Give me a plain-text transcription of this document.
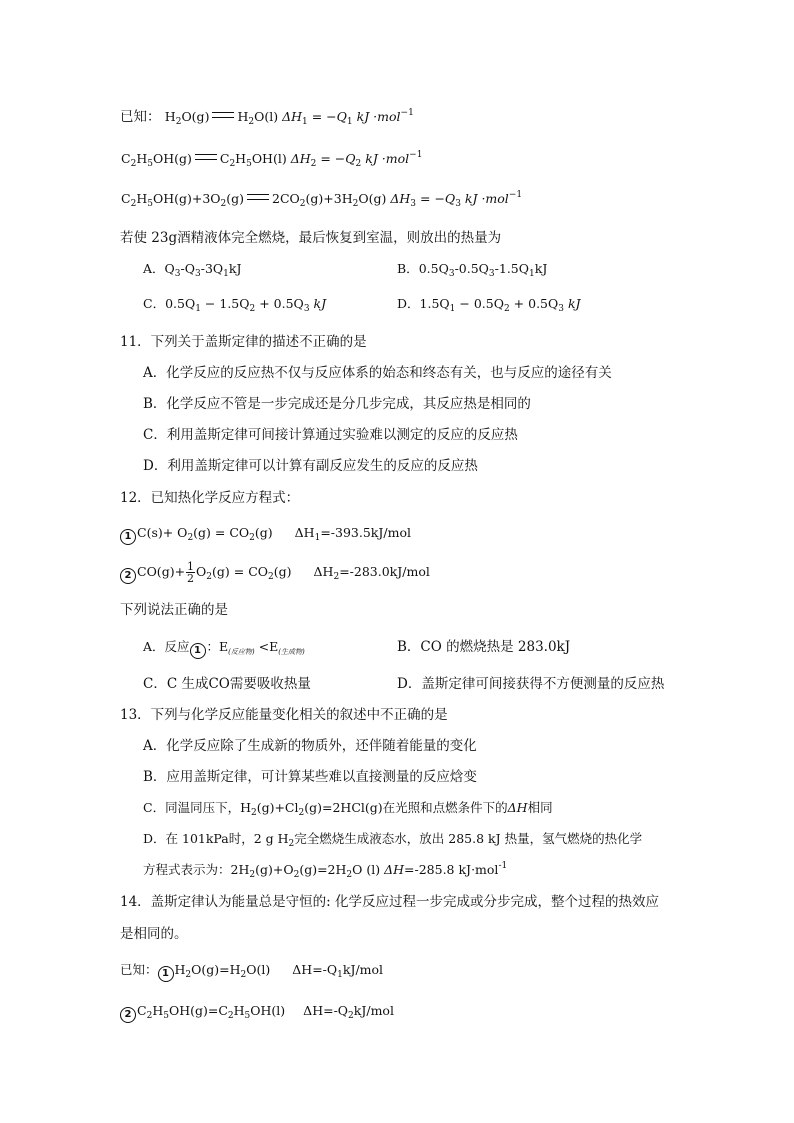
已知： $H_2O(g)$ $H_2O(l) \Delta H_1 = -Q_1$ kJ ·mol$^{-1}$
$C_2H_5OH(g)$ $C_2H_5OH(l) \Delta H_2 = -Q_2$ kJ ·mol$^{-1}$
$C_2H_5OH(g)+3O_2(g)$ $2CO_2(g)+3H_2O(g) \Delta H_3 = -Q_3$ kJ ·mol$^{-1}$
若使 23g酒精液体完全燃烧，最后恢复到室温，则放出的热量为
A．$Q_3-Q_3-3Q_1kJ$	B．$0.5Q_3-0.5Q_3-1.5Q_1kJ$
C．$0.5Q_1 - 1.5Q_2 + 0.5Q_3$ kJ	D．$1.5Q_1 - 0.5Q_2 + 0.5Q_3$ kJ
11．下列关于盖斯定律的描述不正确的是
A．化学反应的反应热不仅与反应体系的始态和终态有关，也与反应的途径有关
B．化学反应不管是一步完成还是分几步完成，其反应热是相同的
C．利用盖斯定律可间接计算通过实验难以测定的反应的反应热
D．利用盖斯定律可以计算有副反应发生的反应的反应热
12．已知热化学反应方程式：
1 $C(s)+ O_2(g) = CO_2(g)$ $\Delta H_1=-393.5kJ$/mol
2 $CO(g)+ \frac{1}{2} O_2(g) = CO_2(g)$ $\Delta H_2=-283.0kJ$/mol
下列说法正确的是
A．反应 1 ：$E_{(反应物)} <E_{(生成物)}$	B．CO 的燃烧热是 283.0kJ
C．C 生成CO需要吸收热量	D．盖斯定律可间接获得不方便测量的反应热
13．下列与化学反应能量变化相关的叙述中不正确的是
A．化学反应除了生成新的物质外，还伴随着能量的变化
B．应用盖斯定律，可计算某些难以直接测量的反应焓变
C．同温同压下，$H_2(g)+Cl_2(g)=2HCl(g)$在光照和点燃条件下的ΔH相同
D．在 101kPa时，2 g $H_2$完全燃烧生成液态水，放出 285.8 kJ 热量，氢气燃烧的热化学
方程式表示为：$2H_2(g)+O_2(g)=2H_2O$ (l) ΔH=-285.8 kJ·mol$^{-1}$
14．盖斯定律认为能量总是守恒的: 化学反应过程一步完成或分步完成，整个过程的热效应
是相同的。
已知： 1 $H_2O(g)=H_2O(l)$ $\Delta H=-Q_1kJ$/mol
2 $C_2H_5OH(g)=C_2H_5OH(l)$ $\Delta H=-Q_2kJ$/mol
